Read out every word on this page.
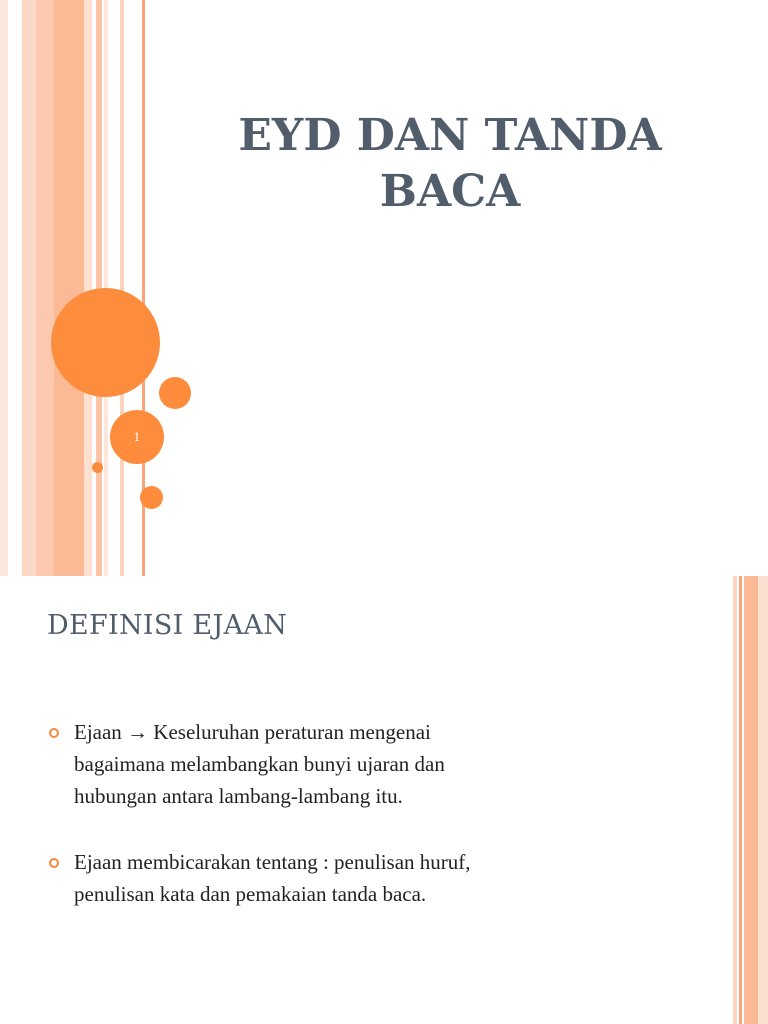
1
EYD DAN TANDA
BACA
DEFINISI EJAAN
Ejaan → Keseluruhan peraturan mengenai
bagaimana melambangkan bunyi ujaran dan
hubungan antara lambang-lambang itu.
Ejaan membicarakan tentang : penulisan huruf,
penulisan kata dan pemakaian tanda baca.
